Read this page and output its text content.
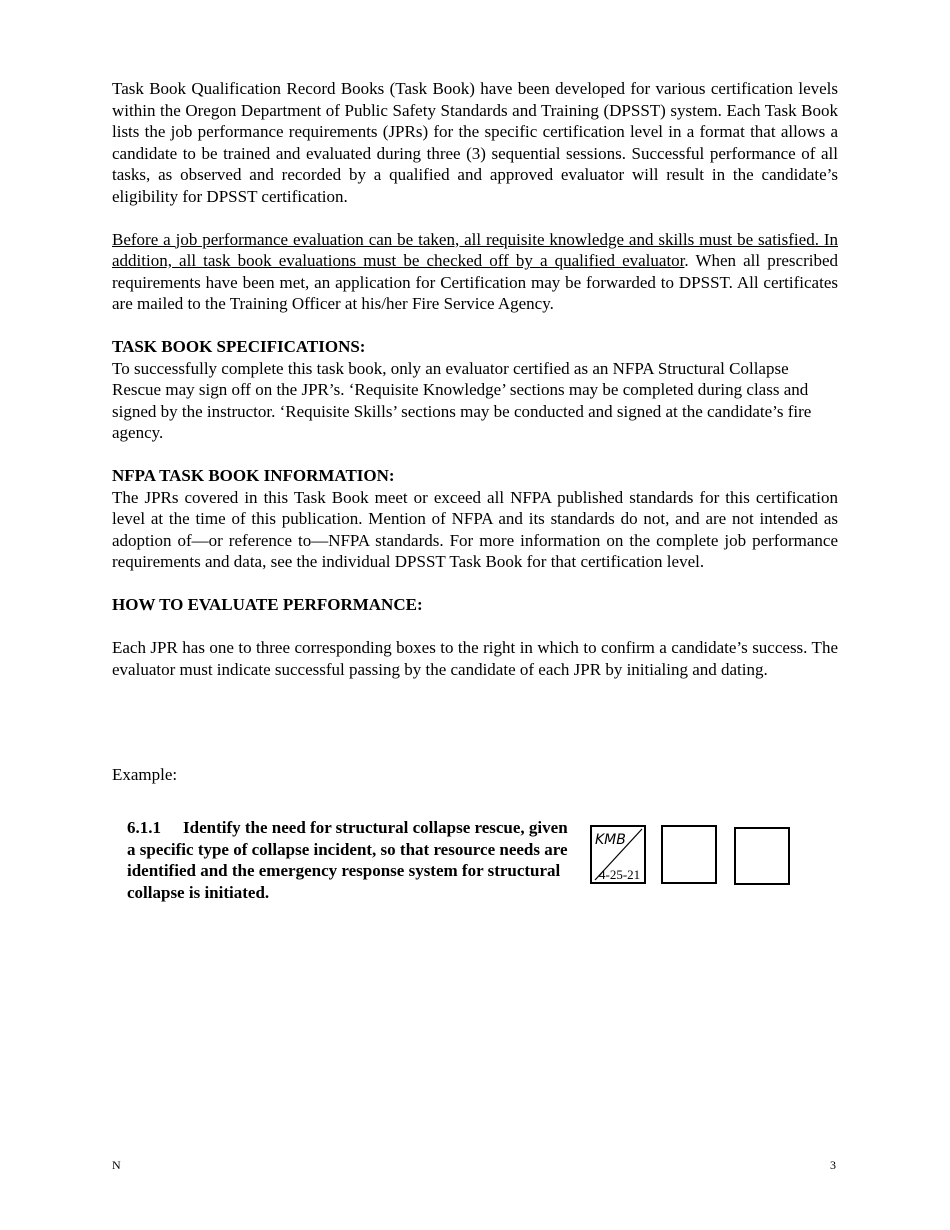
Task Book Qualification Record Books (Task Book) have been developed for various certification levels within the Oregon Department of Public Safety Standards and Training (DPSST) system. Each Task Book lists the job performance requirements (JPRs) for the specific certification level in a format that allows a candidate to be trained and evaluated during three (3) sequential sessions. Successful performance of all tasks, as observed and recorded by a qualified and approved evaluator will result in the candidate’s eligibility for DPSST certification.

Before a job performance evaluation can be taken, all requisite knowledge and skills must be satisfied. In addition, all task book evaluations must be checked off by a qualified evaluator. When all prescribed requirements have been met, an application for Certification may be forwarded to DPSST. All certificates are mailed to the Training Officer at his/her Fire Service Agency.

TASK BOOK SPECIFICATIONS:

To successfully complete this task book, only an evaluator certified as an NFPA Structural Collapse Rescue may sign off on the JPR’s. ‘Requisite Knowledge’ sections may be completed during class and signed by the instructor. ‘Requisite Skills’ sections may be conducted and signed at the candidate’s fire agency.

NFPA TASK BOOK INFORMATION:

The JPRs covered in this Task Book meet or exceed all NFPA published standards for this certification level at the time of this publication. Mention of NFPA and its standards do not, and are not intended as adoption of—or reference to—NFPA standards. For more information on the complete job performance requirements and data, see the individual DPSST Task Book for that certification level.

HOW TO EVALUATE PERFORMANCE:

Each JPR has one to three corresponding boxes to the right in which to confirm a candidate’s success. The evaluator must indicate successful passing by the candidate of each JPR by initialing and dating.

Example:
6.1.1 Identify the need for structural collapse rescue, given a specific type of collapse incident, so that resource needs are identified and the emergency response system for structural collapse is initiated.
KMB
4-25-21
N	3
